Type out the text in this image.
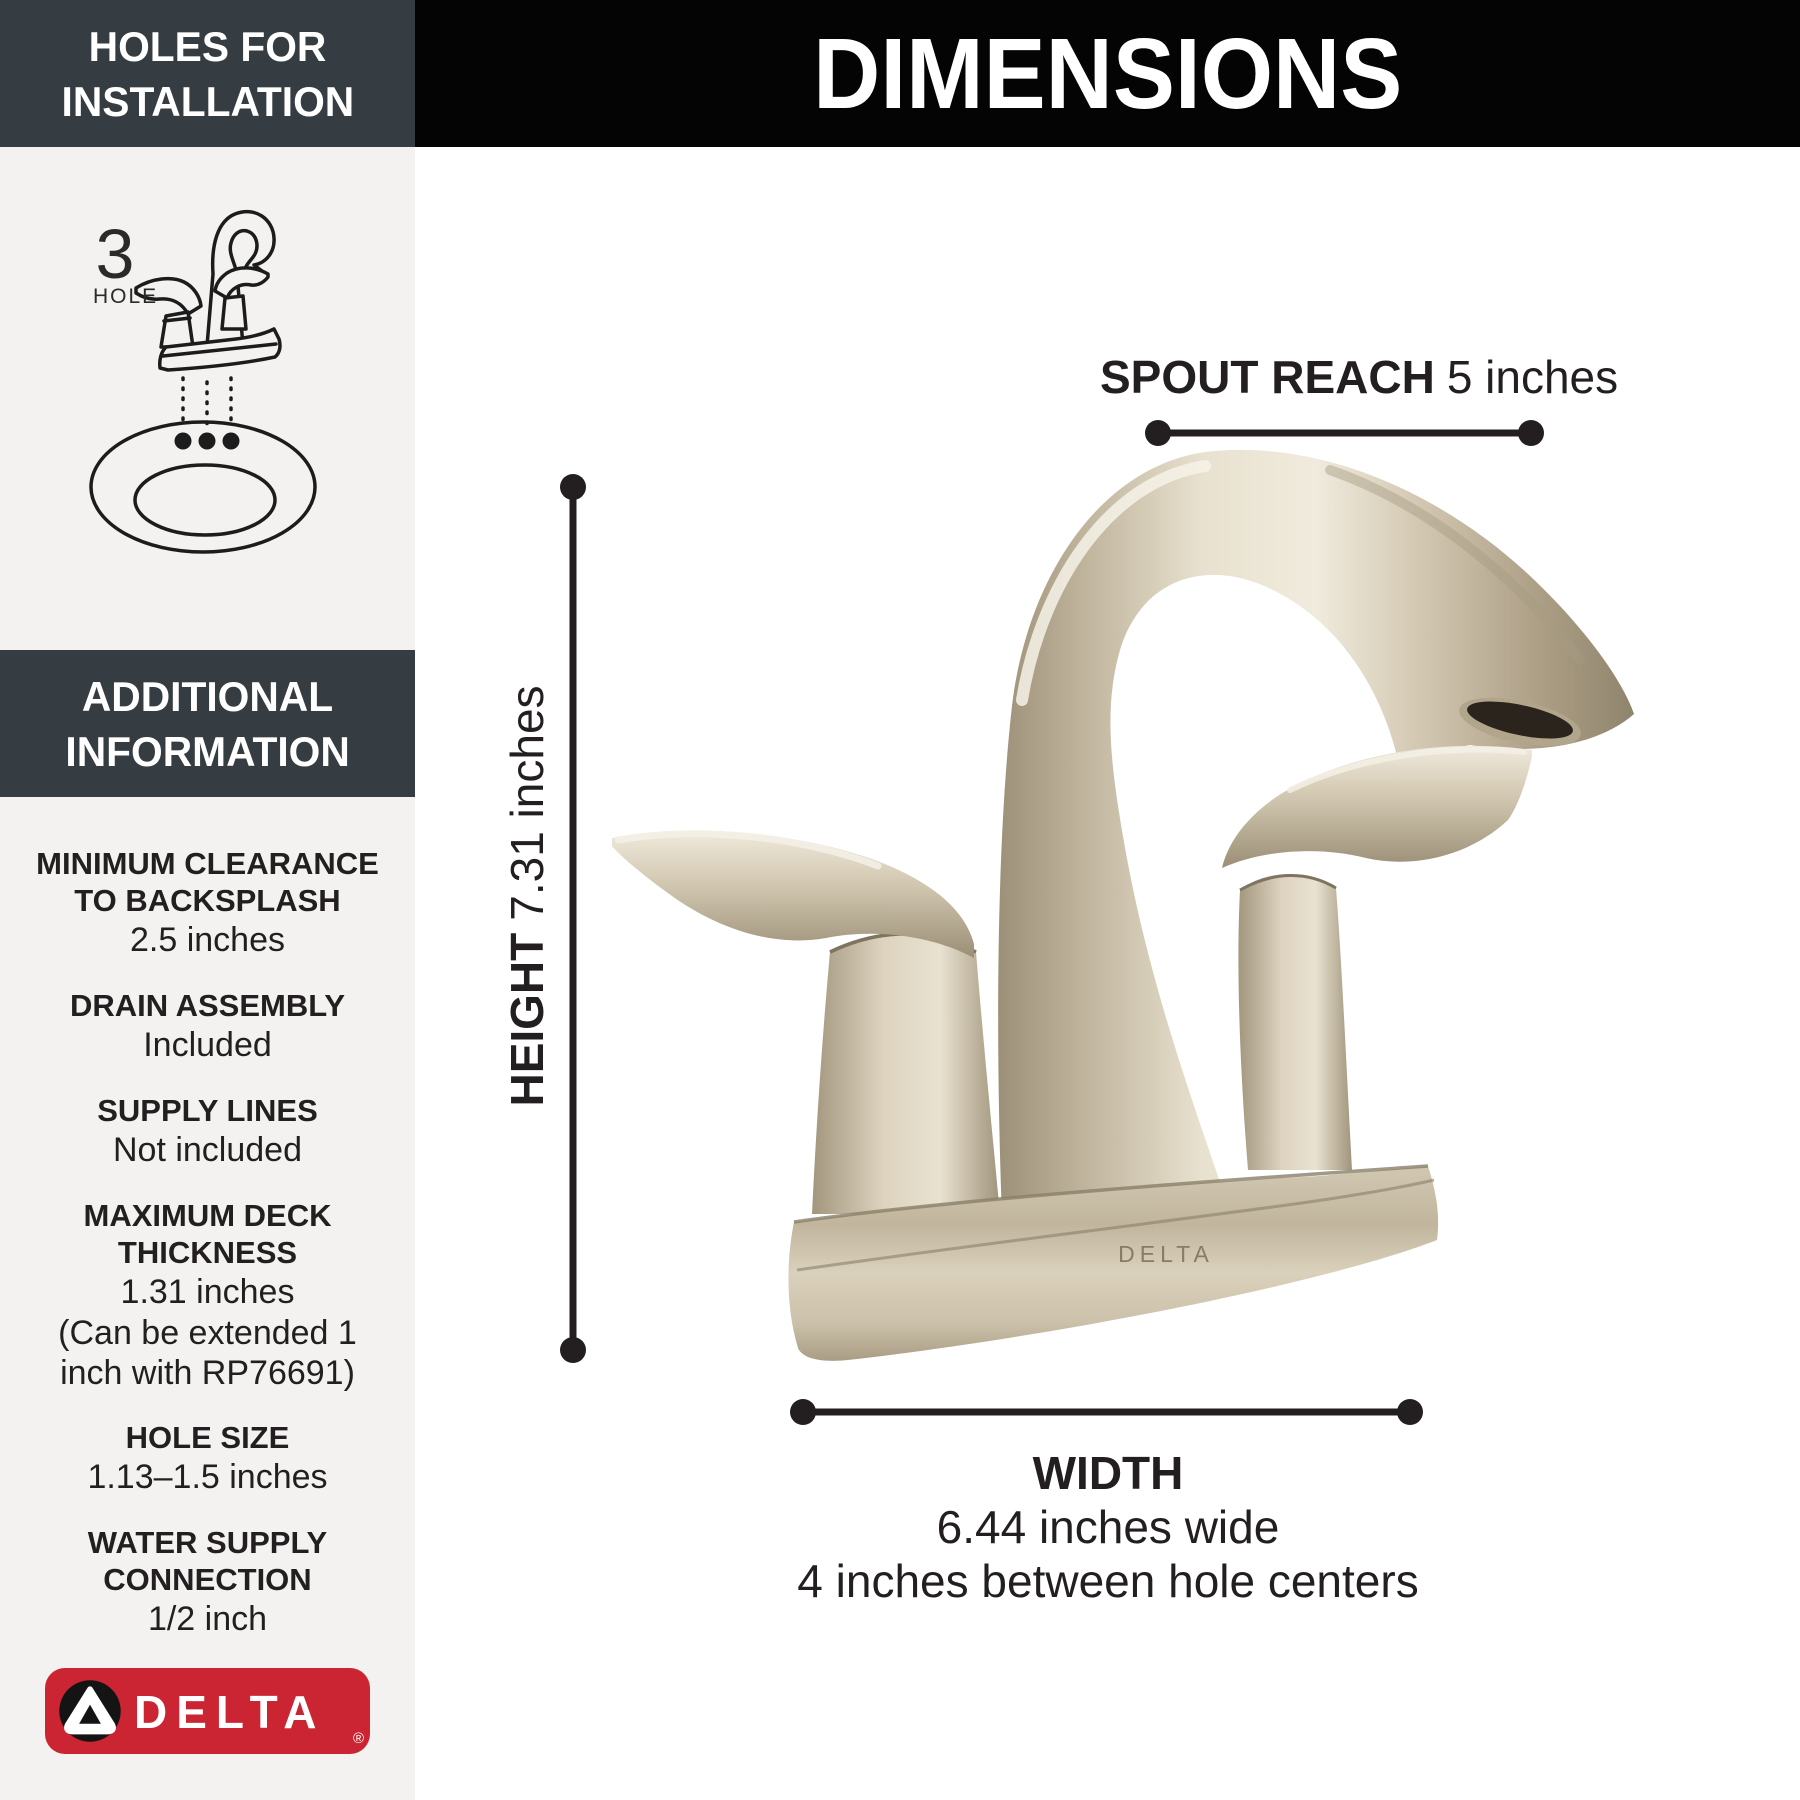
HOLES FOR
INSTALLATION
3
HOLE
ADDITIONAL
INFORMATION
MINIMUM CLEARANCE
TO BACKSPLASH
2.5 inches
DRAIN ASSEMBLY
Included
SUPPLY LINES
Not included
MAXIMUM DECK
THICKNESS
1.31 inches
(Can be extended 1
inch with RP76691)
HOLE SIZE
1.13–1.5 inches
WATER SUPPLY
CONNECTION
1/2 inch
DELTA
®
DIMENSIONS
DELTA
SPOUT REACH 5 inches
HEIGHT7.31 inches
WIDTH
6.44 inches wide
4 inches between hole centers
